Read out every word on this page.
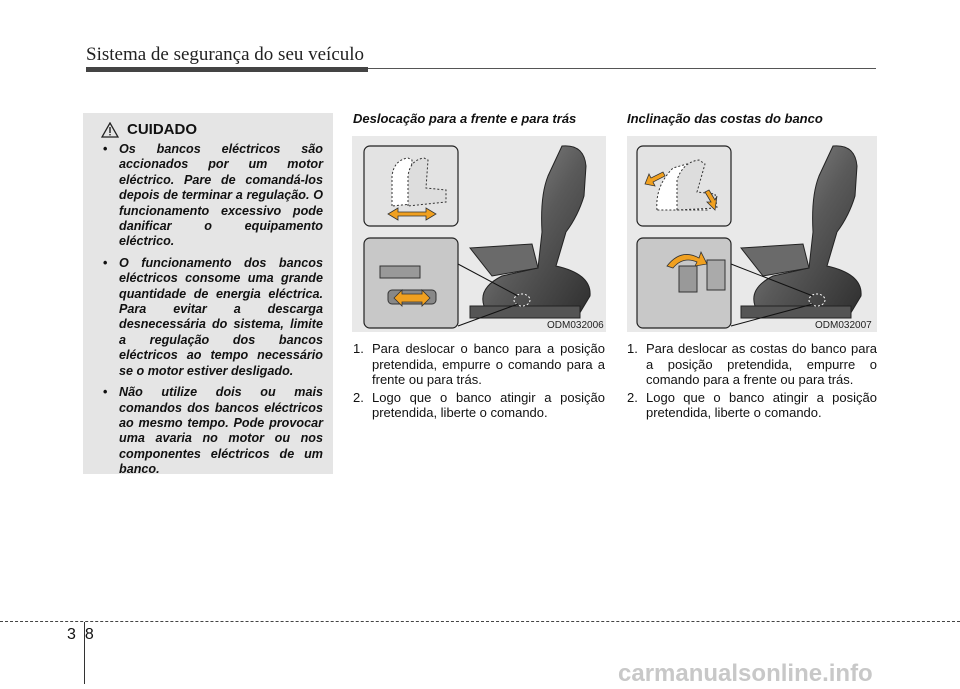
Sistema de segurança do seu veículo
CUIDADO
• Os bancos eléctricos são accionados por um motor eléctrico. Pare de comandá-los depois de terminar a regulação. O funcionamento excessivo pode danificar o equipamento eléctrico.
• O funcionamento dos bancos eléctricos consome uma grande quantidade de energia eléctrica. Para evitar a descarga desnecessária do sistema, limite a regulação dos bancos eléctricos ao tempo necessário se o motor estiver desligado.
• Não utilize dois ou mais comandos dos bancos eléctricos ao mesmo tempo. Pode provocar uma avaria no motor ou nos componentes eléctricos de um banco.
Deslocação para a frente e para trás
ODM032006
1. Para deslocar o banco para a posição pretendida, empurre o comando para a frente ou para trás.
2. Logo que o banco atingir a posição pretendida, liberte o comando.
Inclinação das costas do banco
ODM032007
1. Para deslocar as costas do banco para a posição pretendida, empurre o comando para a frente ou para trás.
2. Logo que o banco atingir a posição pretendida, liberte o comando.
38
carmanualsonline.info
